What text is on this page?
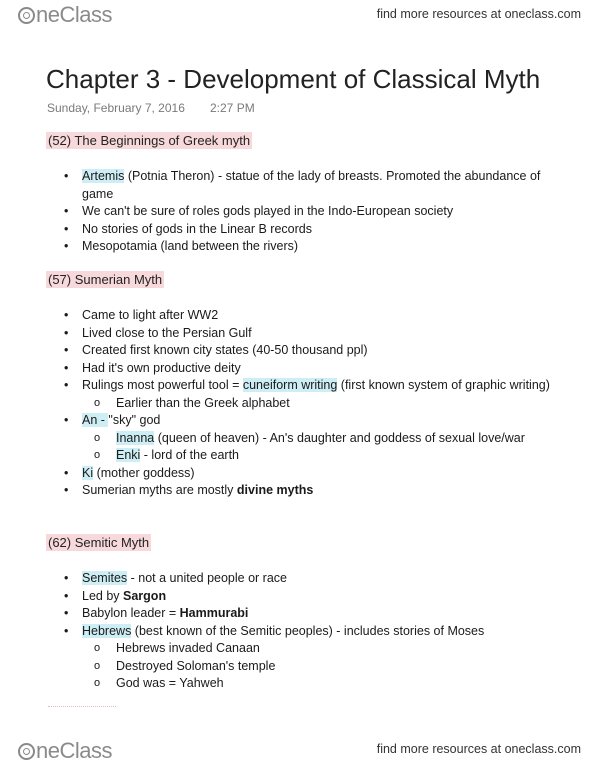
neClass	find more resources at oneclass.com
Chapter 3 - Development of Classical Myth
Sunday, February 7, 2016 2:27 PM
(52) The Beginnings of Greek myth
• Artemis (Potnia Theron) - statue of the lady of breasts. Promoted the abundance of game
• We can't be sure of roles gods played in the Indo-European society
• No stories of gods in the Linear B records
• Mesopotamia (land between the rivers)
(57) Sumerian Myth
• Came to light after WW2
• Lived close to the Persian Gulf
• Created first known city states (40-50 thousand ppl)
• Had it's own productive deity
• Rulings most powerful tool = cuneiform writing (first known system of graphic writing)
o Earlier than the Greek alphabet
• An - "sky" god
o Inanna (queen of heaven) - An's daughter and goddess of sexual love/war
o Enki - lord of the earth
• Ki (mother goddess)
• Sumerian myths are mostly divine myths
(62) Semitic Myth
• Semites - not a united people or race
• Led by Sargon
• Babylon leader = Hammurabi
• Hebrews (best known of the Semitic peoples) - includes stories of Moses
o Hebrews invaded Canaan
o Destroyed Soloman's temple
o God was = Yahweh
neClass	find more resources at oneclass.com
